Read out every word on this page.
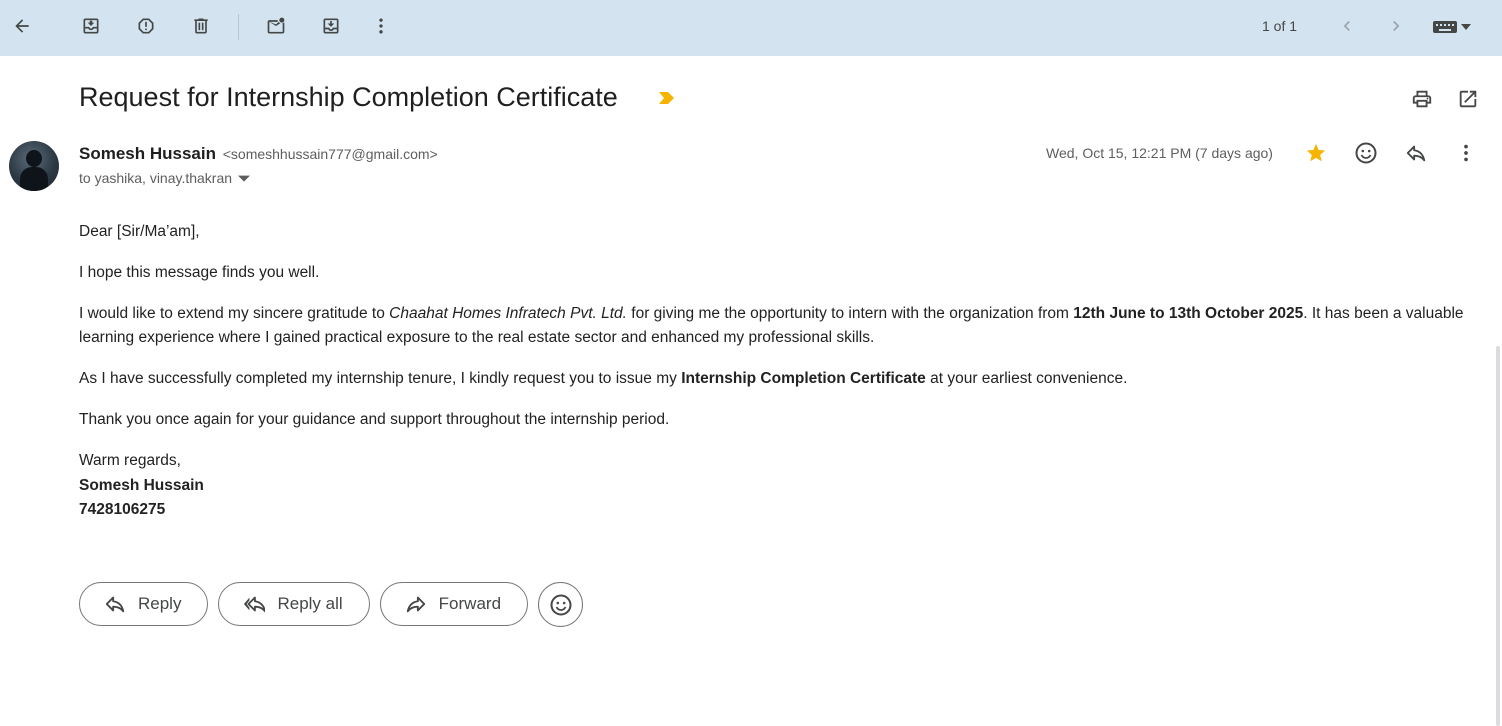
1 of 1
Request for Internship Completion Certificate
Somesh Hussain <someshhussain777@gmail.com>
to yashika, vinay.thakran
Wed, Oct 15, 12:21 PM (7 days ago)

Dear [Sir/Ma’am],

I hope this message finds you well.

I would like to extend my sincere gratitude to Chaahat Homes Infratech Pvt. Ltd. for giving me the opportunity to intern with the organization from 12th June to 13th October 2025. It has been a valuable learning experience where I gained practical exposure to the real estate sector and enhanced my professional skills.

As I have successfully completed my internship tenure, I kindly request you to issue my Internship Completion Certificate at your earliest convenience.

Thank you once again for your guidance and support throughout the internship period.

Warm regards,
Somesh Hussain
7428106275
Reply	Reply all	Forward
